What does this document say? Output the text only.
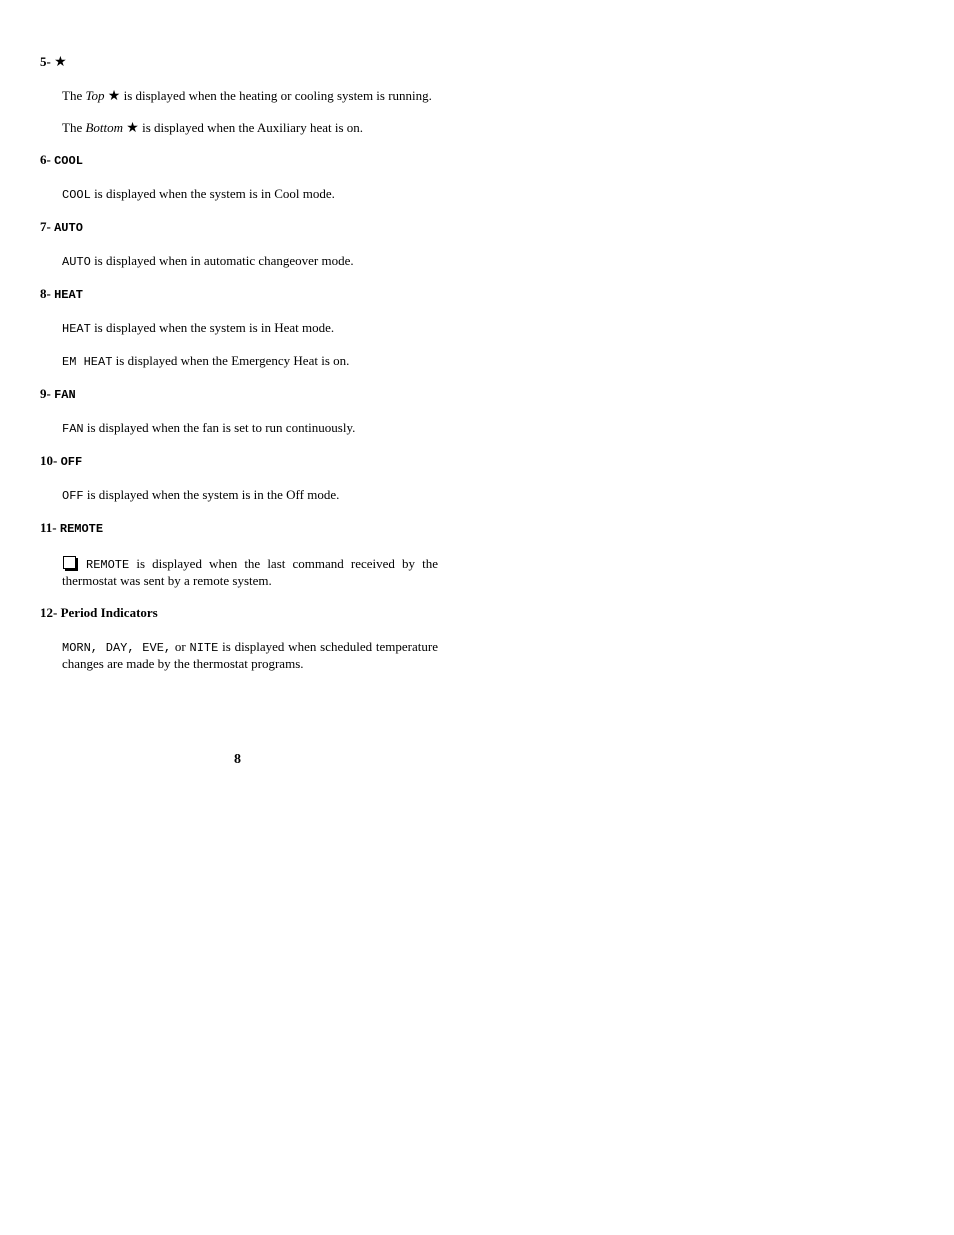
5- ★

The Top ★ is displayed when the heating or cooling system is running.

The Bottom ★ is displayed when the Auxiliary heat is on.

6- COOL

COOL is displayed when the system is in Cool mode.

7- AUTO

AUTO is displayed when in automatic changeover mode.

8- HEAT

HEAT is displayed when the system is in Heat mode.

EM HEAT is displayed when the Emergency Heat is on.

9- FAN

FAN is displayed when the fan is set to run continuously.

10- OFF

OFF is displayed when the system is in the Off mode.

11- REMOTE

REMOTE is displayed when the last command received by the thermostat was sent by a remote system.

12- Period Indicators

MORN, DAY, EVE, or NITE is displayed when scheduled temperature changes are made by the thermostat programs.

8
